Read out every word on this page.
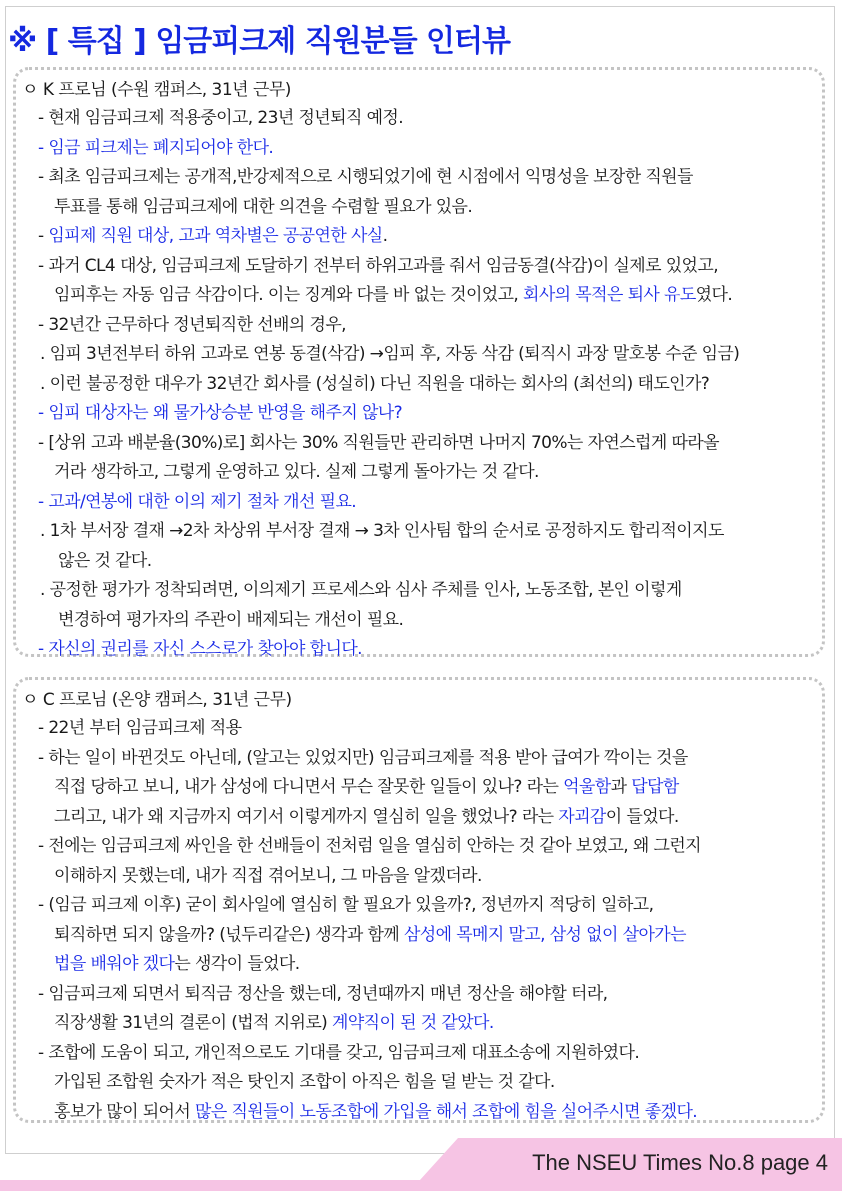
※ [ 특집 ] 임금피크제 직원분들 인터뷰
ㅇ K 프로님 (수원 캠퍼스, 31년 근무)
- 현재 임금피크제 적용중이고, 23년 정년퇴직 예정.
- 임금 피크제는 폐지되어야 한다.
- 최초 임금피크제는 공개적,반강제적으로 시행되었기에 현 시점에서 익명성을 보장한 직원들
투표를 통해 임금피크제에 대한 의견을 수렴할 필요가 있음.
- 임피제 직원 대상, 고과 역차별은 공공연한 사실.
- 과거 CL4 대상, 임금피크제 도달하기 전부터 하위고과를 줘서 임금동결(삭감)이 실제로 있었고,
임피후는 자동 임금 삭감이다. 이는 징계와 다를 바 없는 것이었고, 회사의 목적은 퇴사 유도였다.
- 32년간 근무하다 정년퇴직한 선배의 경우,
. 임피 3년전부터 하위 고과로 연봉 동결(삭감) →임피 후, 자동 삭감 (퇴직시 과장 말호봉 수준 임금)
. 이런 불공정한 대우가 32년간 회사를 (성실히) 다닌 직원을 대하는 회사의 (최선의) 태도인가?
- 임피 대상자는 왜 물가상승분 반영을 해주지 않나?
- [상위 고과 배분율(30%)로] 회사는 30% 직원들만 관리하면 나머지 70%는 자연스럽게 따라올
거라 생각하고, 그렇게 운영하고 있다. 실제 그렇게 돌아가는 것 같다.
- 고과/연봉에 대한 이의 제기 절차 개선 필요.
. 1차 부서장 결재 →2차 차상위 부서장 결재 → 3차 인사팀 합의 순서로 공정하지도 합리적이지도
않은 것 같다.
. 공정한 평가가 정착되려면, 이의제기 프로세스와 심사 주체를 인사, 노동조합, 본인 이렇게
변경하여 평가자의 주관이 배제되는 개선이 필요.
- 자신의 권리를 자신 스스로가 찾아야 합니다.
ㅇ C 프로님 (온양 캠퍼스, 31년 근무)
- 22년 부터 임금피크제 적용
- 하는 일이 바뀐것도 아닌데, (알고는 있었지만) 임금피크제를 적용 받아 급여가 깍이는 것을
직접 당하고 보니, 내가 삼성에 다니면서 무슨 잘못한 일들이 있나? 라는 억울함과 답답함
그리고, 내가 왜 지금까지 여기서 이렇게까지 열심히 일을 했었나? 라는 자괴감이 들었다.
- 전에는 임금피크제 싸인을 한 선배들이 전처럼 일을 열심히 안하는 것 같아 보였고, 왜 그런지
이해하지 못했는데, 내가 직접 겪어보니, 그 마음을 알겠더라.
- (임금 피크제 이후) 굳이 회사일에 열심히 할 필요가 있을까?, 정년까지 적당히 일하고,
퇴직하면 되지 않을까? (넋두리같은) 생각과 함께 삼성에 목메지 말고, 삼성 없이 살아가는
법을 배워야 겠다는 생각이 들었다.
- 임금피크제 되면서 퇴직금 정산을 했는데, 정년때까지 매년 정산을 해야할 터라,
직장생활 31년의 결론이 (법적 지위로) 계약직이 된 것 같았다.
- 조합에 도움이 되고, 개인적으로도 기대를 갖고, 임금피크제 대표소송에 지원하였다.
가입된 조합원 숫자가 적은 탓인지 조합이 아직은 힘을 덜 받는 것 같다.
홍보가 많이 되어서 많은 직원들이 노동조합에 가입을 해서 조합에 힘을 실어주시면 좋겠다.
The NSEU Times No.8 page 4
